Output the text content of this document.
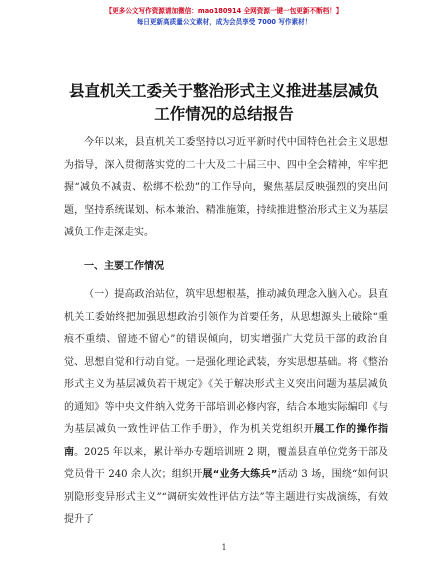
【更多公文写作资源请加微信：mao180914 全网资源一键一包更新不断档！】
每日更新高质量公文素材，成为会员享受 7000 写作素材！
县直机关工委关于整治形式主义推进基层减负
工作情况的总结报告

今年以来，县直机关工委坚持以习近平新时代中国特色社会主义思想为指导，深入贯彻落实党的二十大及二十届三中、四中全会精神，牢牢把握“减负不减责、松绑不松劲”的工作导向，聚焦基层反映强烈的突出问题，坚持系统谋划、标本兼治、精准施策，持续推进整治形式主义为基层减负工作走深走实。

一、主要工作情况

（一）提高政治站位，筑牢思想根基，推动减负理念入脑入心。县直机关工委始终把加强思想政治引领作为首要任务，从思想源头上破除“重痕不重绩、留迹不留心”的错误倾向，切实增强广大党员干部的政治自觉、思想自觉和行动自觉。一是强化理论武装，夯实思想基础。将《整治形式主义为基层减负若干规定》《关于解决形式主义突出问题为基层减负的通知》等中央文件纳入党务干部培训必修内容，结合本地实际编印《与为基层减负一致性评估工作手册》，作为机关党组织开展工作的操作指南。2025 年以来，累计举办专题培训班 2 期，覆盖县直单位党务干部及党员骨干 240 余人次；组织开展“业务大练兵”活动 3 场，围绕“如何识别隐形变异形式主义”“调研实效性评估方法”等主题进行实战演练，有效提升了

1
